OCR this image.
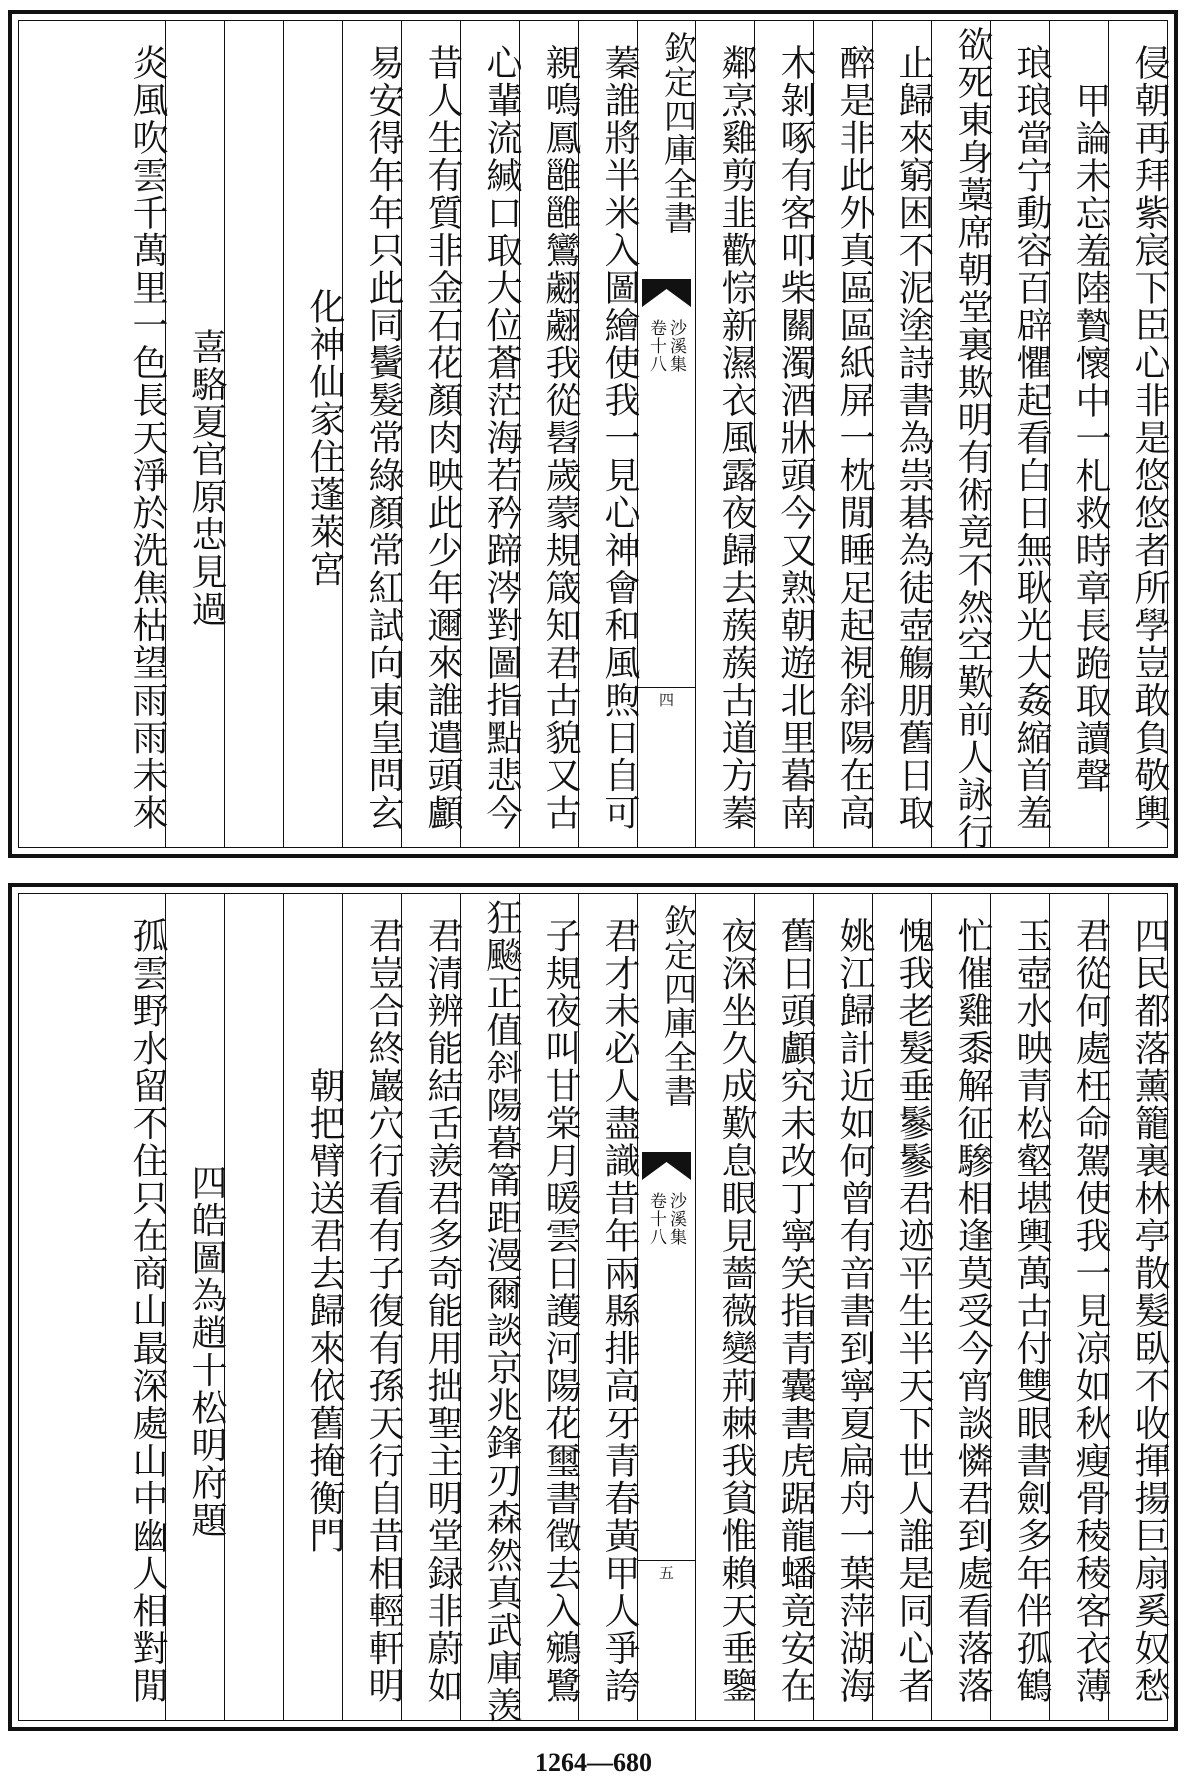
侵朝再拜紫宸下臣心非是悠悠者所學豈敢負敬輿
甲論未忘羞陸贄懷中一札救時章長跪取讀聲
琅琅當宁動容百辟懼起看白日無耿光大姦縮首羞
欲死東身藁席朝堂裏欺明有術竟不然空歎前人詠行
止歸來窮困不泥塗詩書為祟碁為徒壺觴朋舊日取
醉是非此外真區區紙屏一枕閒睡足起視斜陽在高
木剝啄有客叩柴關濁酒牀頭今又熟朝遊北里暮南
鄰烹雞剪韭歡悰新濕衣風露夜歸去蔟蔟古道方蓁
欽定四庫全書
沙溪集
卷十八
四
蓁誰將半米入圖繪使我一見心神會和風煦日自可
親鳴鳳雝雝鸞翽翽我從髫歲蒙規箴知君古貌又古
心輩流緘口取大位蒼茫海若矜蹄涔對圖指點悲今
昔人生有質非金石花顏肉映此少年邇來誰遣頭顱
易安得年年只此同鬢髮常綠顏常紅試向東皇問玄
化神仙家住蓬萊宮
喜駱夏官原忠見過
炎風吹雲千萬里一色長天淨於洗焦枯望雨雨未來
四民都落薰籠裏林亭散髮臥不收揮揚巨扇奚奴愁
君從何處枉命駕使我一見凉如秋瘦骨稜稜客衣薄
玉壺水映青松壑堪輿萬古付雙眼書劍多年伴孤鶴
忙催雞黍解征驂相逢莫受今宵談憐君到處看落落
愧我老髮垂鬖鬖君迹平生半天下世人誰是同心者
姚江歸計近如何曾有音書到寧夏扁舟一葉萍湖海
舊日頭顱究未改丁寧笑指青囊書虎踞龍蟠竟安在
夜深坐久成歎息眼見薔薇變荊棘我貧惟賴天垂鑒
欽定四庫全書
沙溪集
卷十八
五
君才未必人盡識昔年兩縣排高牙青春黃甲人爭誇
子規夜叫甘棠月暖雲日護河陽花璽書徵去入鵷鷺
狂飈正值斜陽暮筩距漫爾談京兆鋒刃森然真武庫羡
君清辨能結舌羨君多奇能用拙聖主明堂録非蔚如
君豈合終巖穴行看有子復有孫天行自昔相輕軒明
朝把臂送君去歸來依舊掩衡門
四皓圖為趙十松明府題
孤雲野水留不住只在商山最深處山中幽人相對閒
1264—680
